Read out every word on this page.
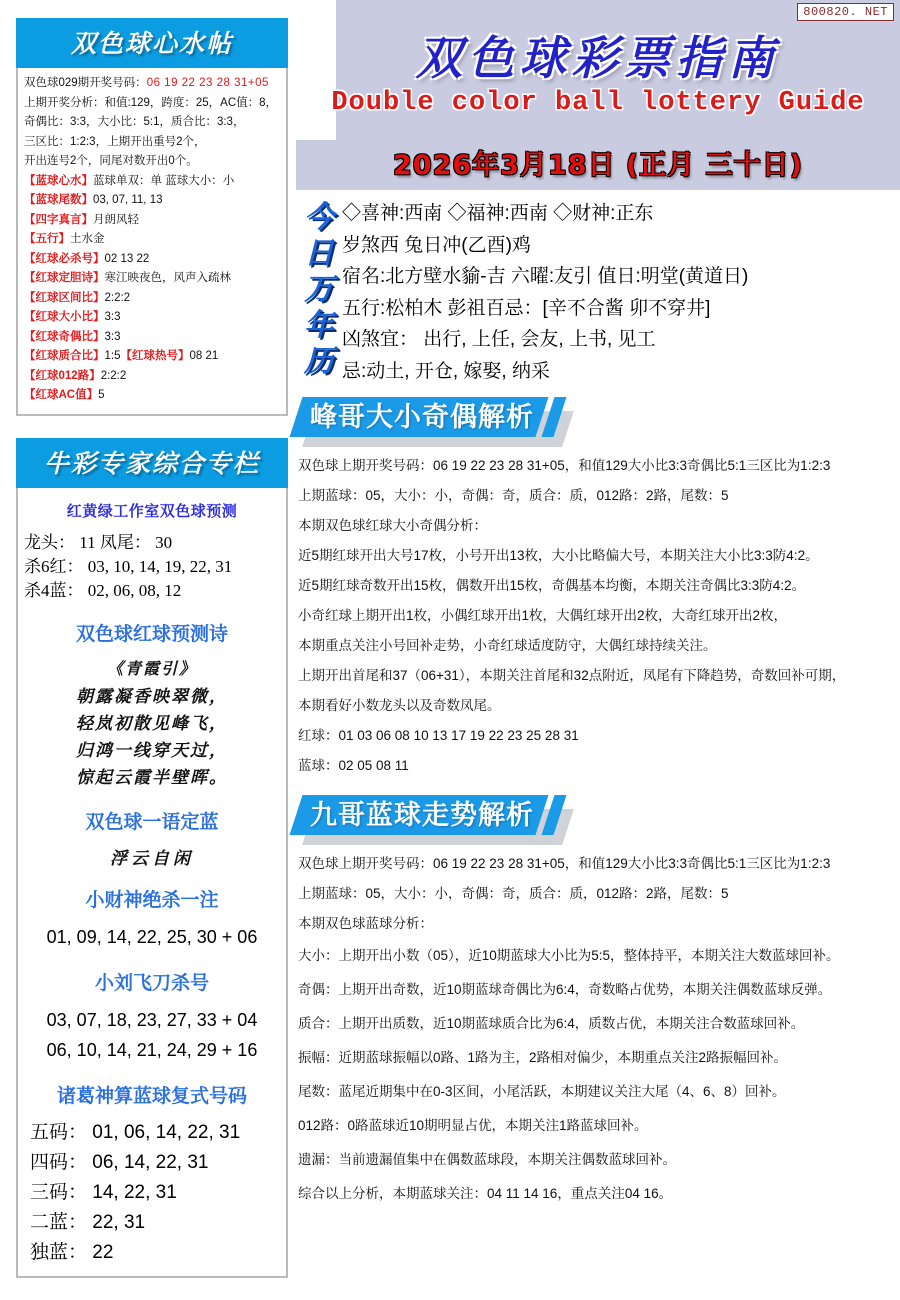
800820. NET
双色球心水帖
双色球029期开奖号码：06 19 22 23 28 31+05
上期开奖分析：和值:129，跨度：25，AC值：8，
奇偶比：3:3，大小比：5:1，质合比：3:3，
三区比：1:2:3，上期开出重号2个，
开出连号2个，同尾对数开出0个。
【蓝球心水】蓝球单双：单 蓝球大小：小
【蓝球尾数】03, 07, 11, 13
【四字真言】月朗风轻
【五行】土水金
【红球必杀号】02 13 22
【红球定胆诗】寒江映夜色，风声入疏林
【红球区间比】2:2:2
【红球大小比】3:3
【红球奇偶比】3:3
【红球质合比】1:5【红球热号】08 21
【红球012路】2:2:2
【红球AC值】5
牛彩专家综合专栏
红黄绿工作室双色球预测
龙头： 11 凤尾： 30
杀6红： 03, 10, 14, 19, 22, 31
杀4蓝： 02, 06, 08, 12
双色球红球预测诗
《青霞引》
朝露凝香映翠微，
轻岚初散见峰飞，
归鸿一线穿天过，
惊起云霞半壁晖。
双色球一语定蓝
浮云自闲
小财神绝杀一注
01, 09, 14, 22, 25, 30 + 06
小刘飞刀杀号
03, 07, 18, 23, 27, 33 + 04
06, 10, 14, 21, 24, 29 + 16
诸葛神算蓝球复式号码
五码： 01, 06, 14, 22, 31
四码： 06, 14, 22, 31
三码： 14, 22, 31
二蓝： 22, 31
独蓝： 22
双色球彩票指南
Double color ball lottery Guide
2026年3月18日 (正月 三十日)
今日万年历
◇喜神:西南 ◇福神:西南 ◇财神:正东
岁煞西 兔日冲(乙酉)鸡
宿名:北方壁水貐-吉 六曜:友引 值日:明堂(黄道日)
五行:松柏木 彭祖百忌：[辛不合酱 卯不穿井]
凶煞宜： 出行, 上任, 会友, 上书, 见工
忌:动土, 开仓, 嫁娶, 纳采
峰哥大小奇偶解析
双色球上期开奖号码：06 19 22 23 28 31+05，和值129大小比3:3奇偶比5:1三区比为1:2:3
上期蓝球：05，大小：小，奇偶：奇，质合：质，012路：2路，尾数：5
本期双色球红球大小奇偶分析：
近5期红球开出大号17枚，小号开出13枚，大小比略偏大号，本期关注大小比3:3防4:2。
近5期红球奇数开出15枚，偶数开出15枚，奇偶基本均衡，本期关注奇偶比3:3防4:2。
小奇红球上期开出1枚，小偶红球开出1枚，大偶红球开出2枚，大奇红球开出2枚，
本期重点关注小号回补走势，小奇红球适度防守，大偶红球持续关注。
上期开出首尾和37（06+31），本期关注首尾和32点附近，凤尾有下降趋势，奇数回补可期，
本期看好小数龙头以及奇数凤尾。
红球：01 03 06 08 10 13 17 19 22 23 25 28 31
蓝球：02 05 08 11
九哥蓝球走势解析
双色球上期开奖号码：06 19 22 23 28 31+05，和值129大小比3:3奇偶比5:1三区比为1:2:3
上期蓝球：05，大小：小，奇偶：奇，质合：质，012路：2路，尾数：5
本期双色球蓝球分析：
大小：上期开出小数（05），近10期蓝球大小比为5:5，整体持平，本期关注大数蓝球回补。
奇偶：上期开出奇数，近10期蓝球奇偶比为6:4，奇数略占优势，本期关注偶数蓝球反弹。
质合：上期开出质数，近10期蓝球质合比为6:4，质数占优，本期关注合数蓝球回补。
振幅：近期蓝球振幅以0路、1路为主，2路相对偏少，本期重点关注2路振幅回补。
尾数：蓝尾近期集中在0-3区间，小尾活跃，本期建议关注大尾（4、6、8）回补。
012路：0路蓝球近10期明显占优，本期关注1路蓝球回补。
遗漏：当前遗漏值集中在偶数蓝球段，本期关注偶数蓝球回补。
综合以上分析，本期蓝球关注：04 11 14 16，重点关注04 16。
